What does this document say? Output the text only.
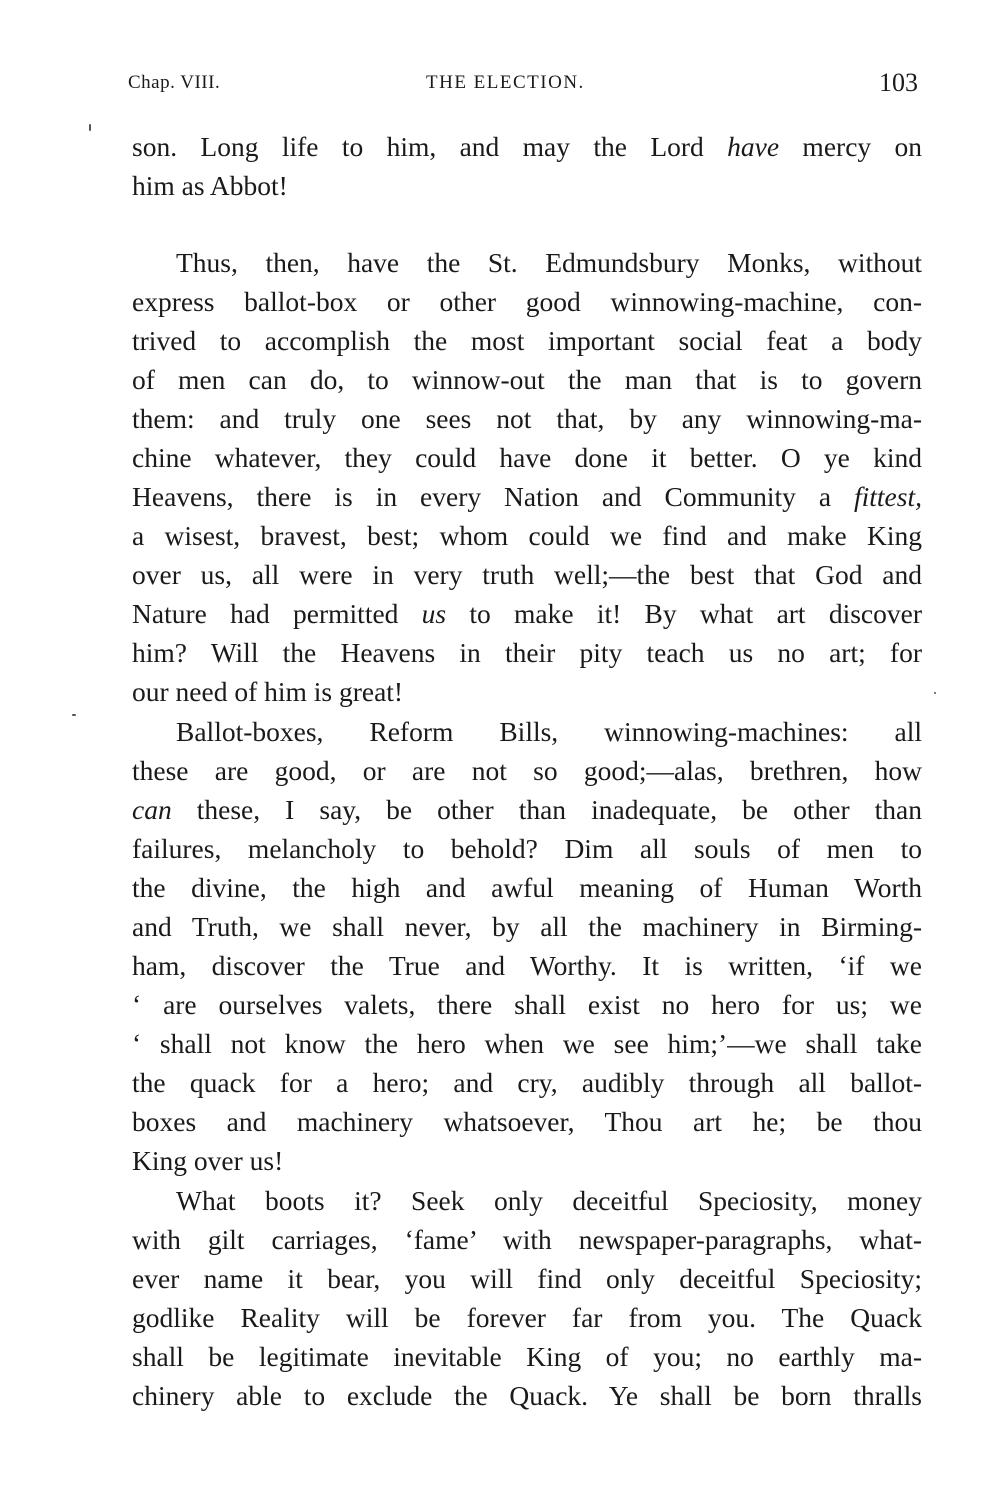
Chap. VIII.	THE ELECTION.	103
son. Long life to him, and may the Lord have mercy on
him as Abbot!
Thus, then, have the St. Edmundsbury Monks, without
express ballot-box or other good winnowing-machine, con-
trived to accomplish the most important social feat a body
of men can do, to winnow-out the man that is to govern
them: and truly one sees not that, by any winnowing-ma-
chine whatever, they could have done it better. O ye kind
Heavens, there is in every Nation and Community a fittest,
a wisest, bravest, best; whom could we find and make King
over us, all were in very truth well;—the best that God and
Nature had permitted us to make it! By what art discover
him? Will the Heavens in their pity teach us no art; for
our need of him is great!
Ballot-boxes, Reform Bills, winnowing-machines: all
these are good, or are not so good;—alas, brethren, how
can these, I say, be other than inadequate, be other than
failures, melancholy to behold? Dim all souls of men to
the divine, the high and awful meaning of Human Worth
and Truth, we shall never, by all the machinery in Birming-
ham, discover the True and Worthy. It is written, ‘if we
‘ are ourselves valets, there shall exist no hero for us; we
‘ shall not know the hero when we see him;’—we shall take
the quack for a hero; and cry, audibly through all ballot-
boxes and machinery whatsoever, Thou art he; be thou
King over us!
What boots it? Seek only deceitful Speciosity, money
with gilt carriages, ‘fame’ with newspaper-paragraphs, what-
ever name it bear, you will find only deceitful Speciosity;
godlike Reality will be forever far from you. The Quack
shall be legitimate inevitable King of you; no earthly ma-
chinery able to exclude the Quack. Ye shall be born thralls
